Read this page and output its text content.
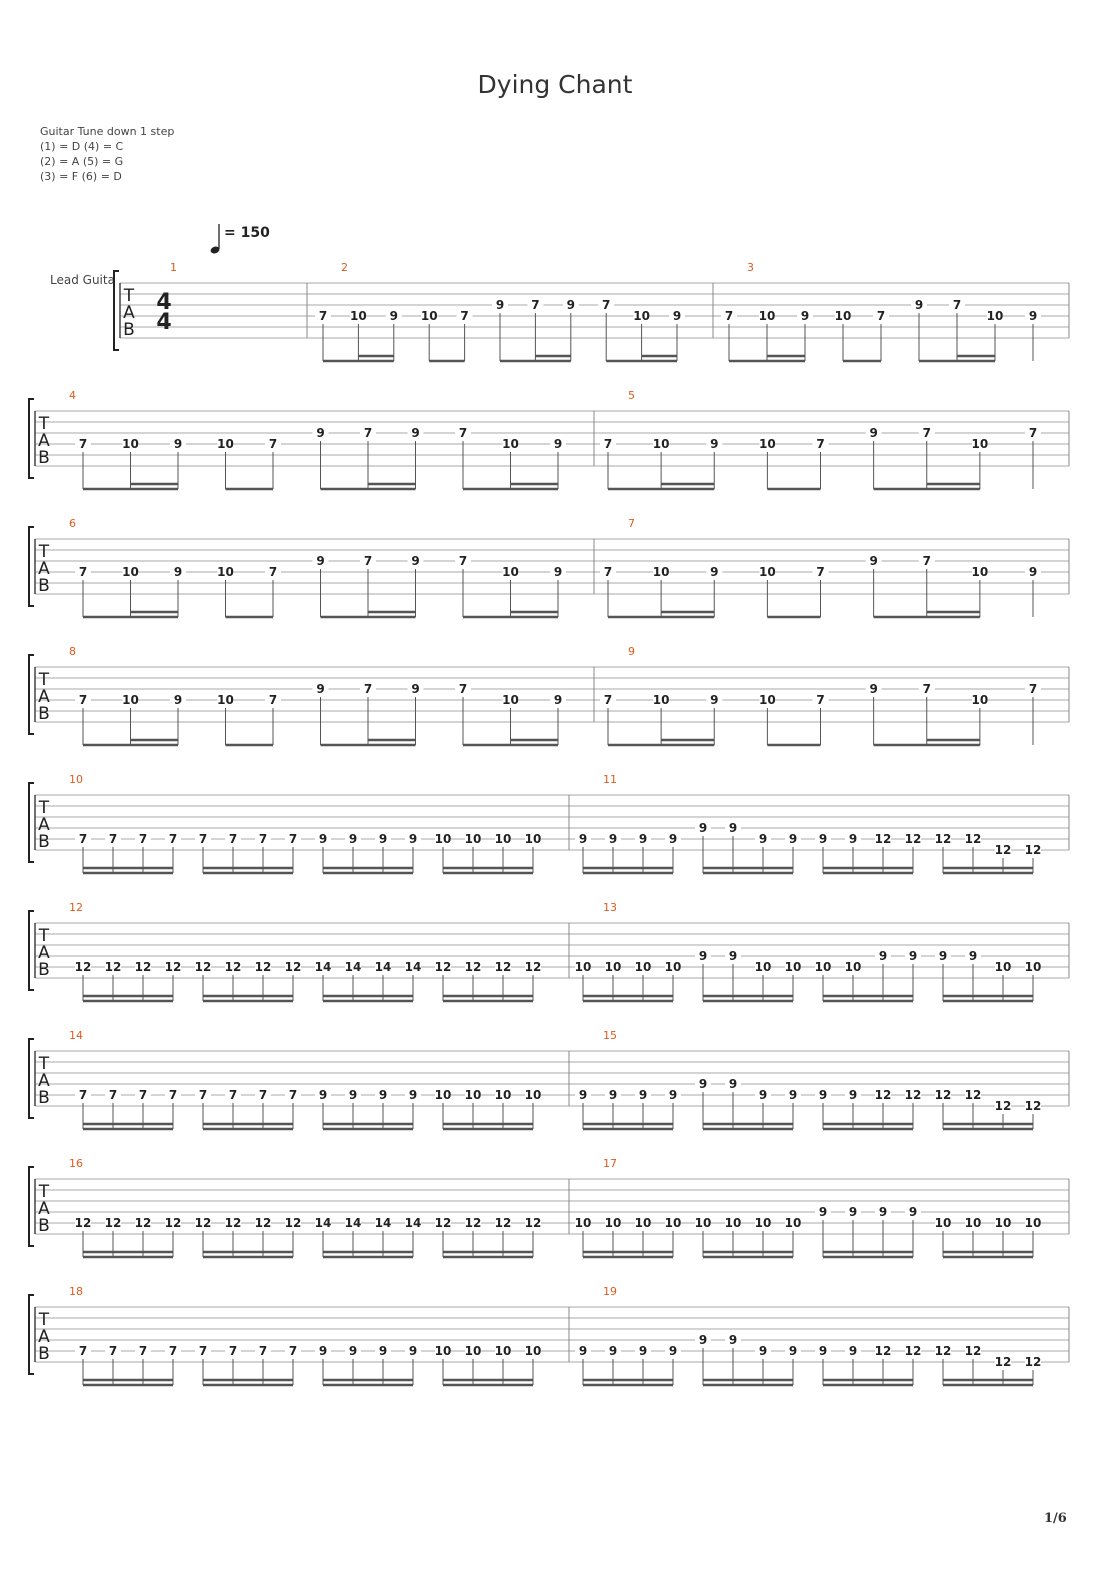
Dying Chant
Guitar Tune down 1 step
(1) = D (4) = C
(2) = A (5) = G
(3) = F (6) = D
= 150
Lead Guita
T
A
B
4
4
1	2
7 10 9 10 7
9 7 9 7
10 9
3
7 10 9 10 7
9 7
10 9
T
A
B
4
7	10	9	10	7
9	7	9	7
10	9
5
7	10	9	10	7
9	7
10
7
T
A
B
6
7	10	9	10	7
9	7	9	7
10	9
7
7	10	9	10	7
9	7
10	9
T
A
B
8
7	10	9	10	7
9	7	9	7
10	9
9
7	10	9	10	7
9	7
10
7
T
A
B
10
7 7 7 7 7 7 7 7 9 9 9 9 10 10 10 10
11
9 9 9 9
9 9
9 9 9 9 12 12 12 12
12 12
T
A
B
12
12 12 12 12 12 12 12 12 14 14 14 14 12 12 12 12
13
10 10 10 10
9 9
10 10 10 10
9 9 9 9
10 10
T
A
B
14
7 7 7 7 7 7 7 7 9 9 9 9 10 10 10 10
15
9 9 9 9
9 9
9 9 9 9 12 12 12 12
12 12
T
A
B
16
12 12 12 12 12 12 12 12 14 14 14 14 12 12 12 12
17
10 10 10 10 10 10 10 10
9 9 9 9
10 10 10 10
T
A
B
18
7 7 7 7 7 7 7 7 9 9 9 9 10 10 10 10
19
9 9 9 9
9 9
9 9 9 9 12 12 12 12
12 12
1/6
